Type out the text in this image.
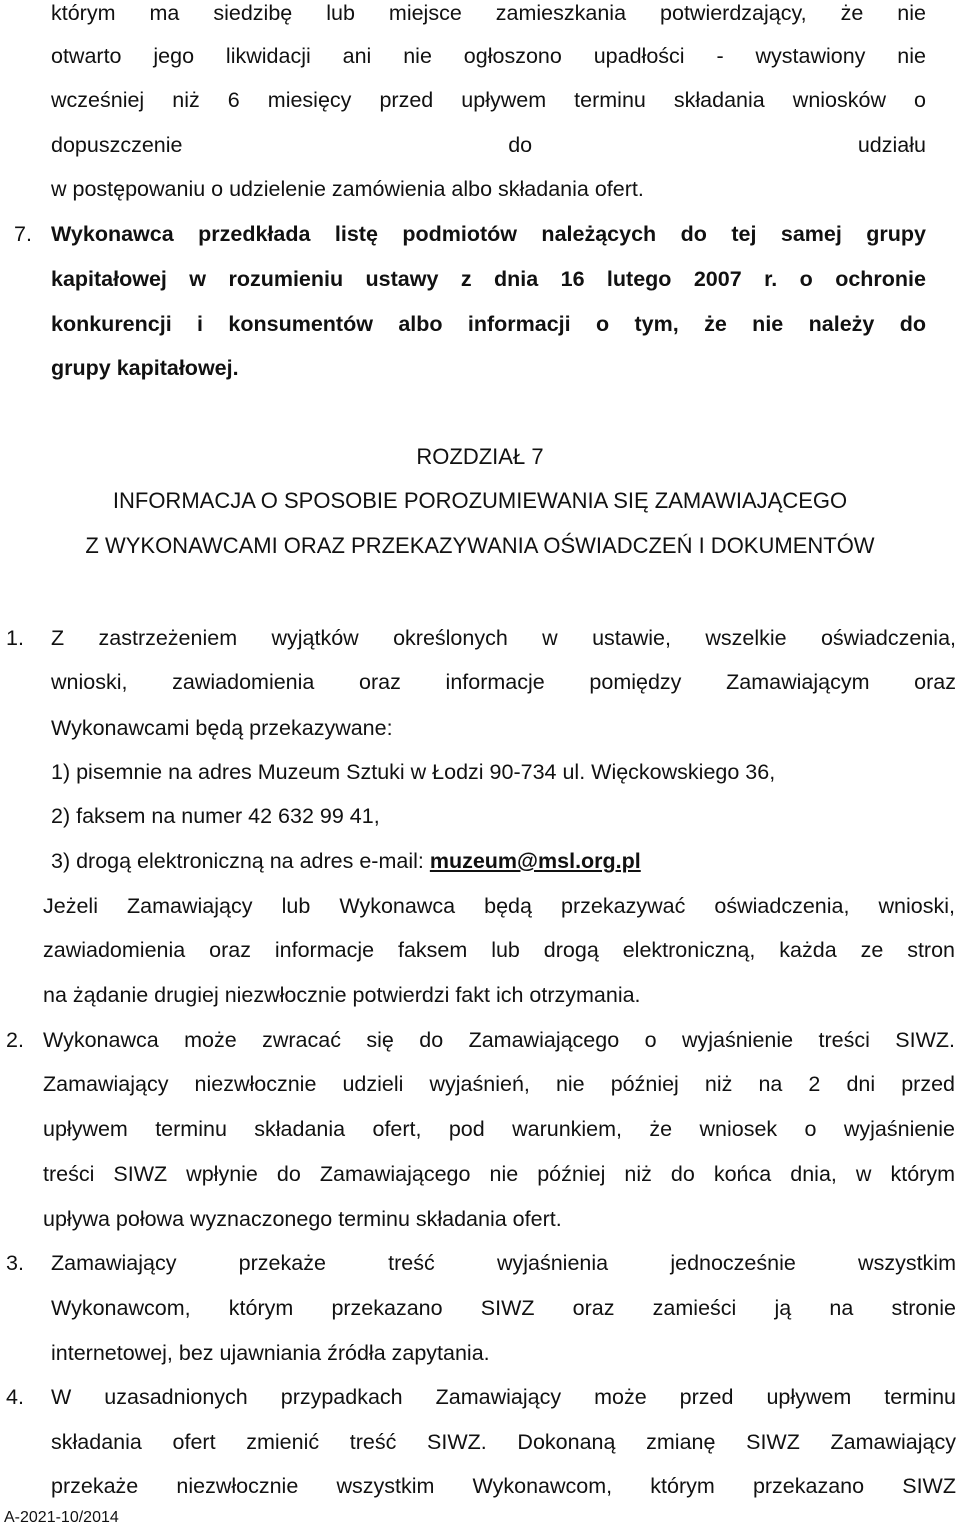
którym ma siedzibę lub miejsce zamieszkania potwierdzający, że nie

otwarto jego likwidacji ani nie ogłoszono upadłości - wystawiony nie

wcześniej niż 6 miesięcy przed upływem terminu składania wniosków o

dopuszczenie do udziału

w postępowaniu o udzielenie zamówienia albo składania ofert.

7. Wykonawca przedkłada listę podmiotów należących do tej samej grupy

kapitałowej w rozumieniu ustawy z dnia 16 lutego 2007 r. o ochronie

konkurencji i konsumentów albo informacji o tym, że nie należy do

grupy kapitałowej.

ROZDZIAŁ 7

INFORMACJA O SPOSOBIE POROZUMIEWANIA SIĘ ZAMAWIAJĄCEGO

Z WYKONAWCAMI ORAZ PRZEKAZYWANIA OŚWIADCZEŃ I DOKUMENTÓW

1. Z zastrzeżeniem wyjątków określonych w ustawie, wszelkie oświadczenia,

wnioski, zawiadomienia oraz informacje pomiędzy Zamawiającym oraz

Wykonawcami będą przekazywane:

1) pisemnie na adres Muzeum Sztuki w Łodzi 90-734 ul. Więckowskiego 36,

2) faksem na numer 42 632 99 41,

3) drogą elektroniczną na adres e-mail: muzeum@msl.org.pl

Jeżeli Zamawiający lub Wykonawca będą przekazywać oświadczenia, wnioski,

zawiadomienia oraz informacje faksem lub drogą elektroniczną, każda ze stron

na żądanie drugiej niezwłocznie potwierdzi fakt ich otrzymania.

2. Wykonawca może zwracać się do Zamawiającego o wyjaśnienie treści SIWZ.

Zamawiający niezwłocznie udzieli wyjaśnień, nie później niż na 2 dni przed

upływem terminu składania ofert, pod warunkiem, że wniosek o wyjaśnienie

treści SIWZ wpłynie do Zamawiającego nie później niż do końca dnia, w którym

upływa połowa wyznaczonego terminu składania ofert.

3. Zamawiający przekaże treść wyjaśnienia jednocześnie wszystkim

Wykonawcom, którym przekazano SIWZ oraz zamieści ją na stronie

internetowej, bez ujawniania źródła zapytania.

4. W uzasadnionych przypadkach Zamawiający może przed upływem terminu

składania ofert zmienić treść SIWZ. Dokonaną zmianę SIWZ Zamawiający

przekaże niezwłocznie wszystkim Wykonawcom, którym przekazano SIWZ

A-2021-10/2014
